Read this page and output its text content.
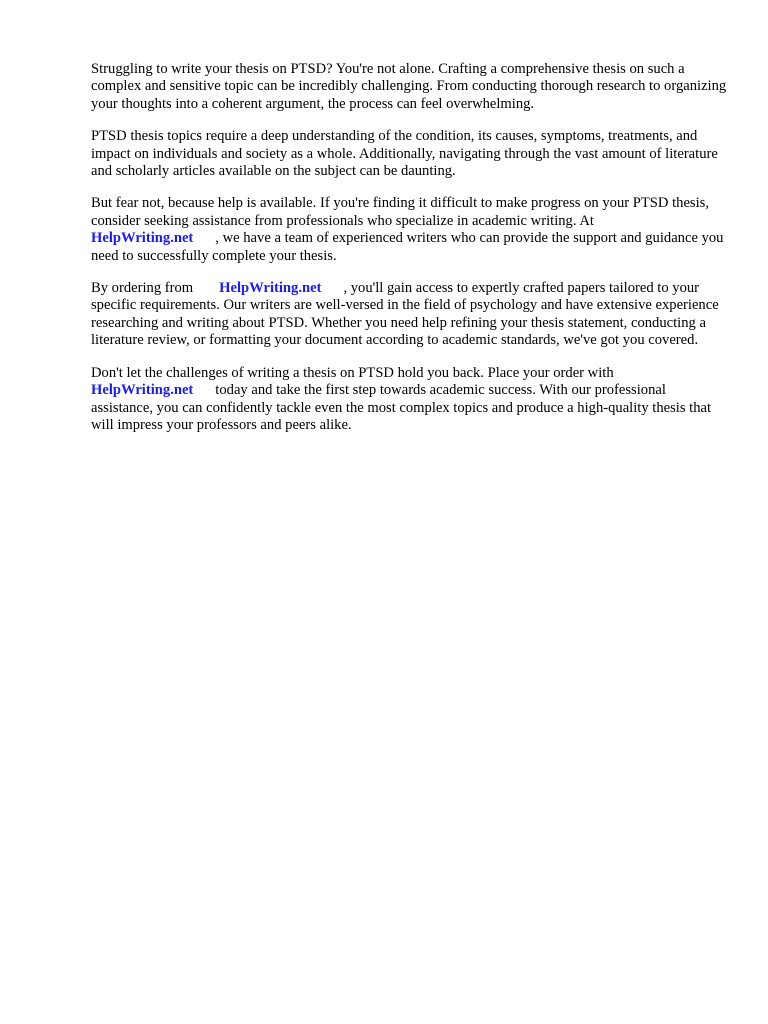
Struggling to write your thesis on PTSD? You're not alone. Crafting a comprehensive thesis on such a complex and sensitive topic can be incredibly challenging. From conducting thorough research to organizing your thoughts into a coherent argument, the process can feel overwhelming.

PTSD thesis topics require a deep understanding of the condition, its causes, symptoms, treatments, and impact on individuals and society as a whole. Additionally, navigating through the vast amount of literature and scholarly articles available on the subject can be daunting.

But fear not, because help is available. If you're finding it difficult to make progress on your PTSD thesis, consider seeking assistance from professionals who specialize in academic writing. At
HelpWriting.net , we have a team of experienced writers who can provide the support and guidance you need to successfully complete your thesis.

By ordering from HelpWriting.net , you'll gain access to expertly crafted papers tailored to your specific requirements. Our writers are well-versed in the field of psychology and have extensive experience researching and writing about PTSD. Whether you need help refining your thesis statement, conducting a literature review, or formatting your document according to academic standards, we've got you covered.

Don't let the challenges of writing a thesis on PTSD hold you back. Place your order with
HelpWriting.net today and take the first step towards academic success. With our professional assistance, you can confidently tackle even the most complex topics and produce a high-quality thesis that will impress your professors and peers alike.
